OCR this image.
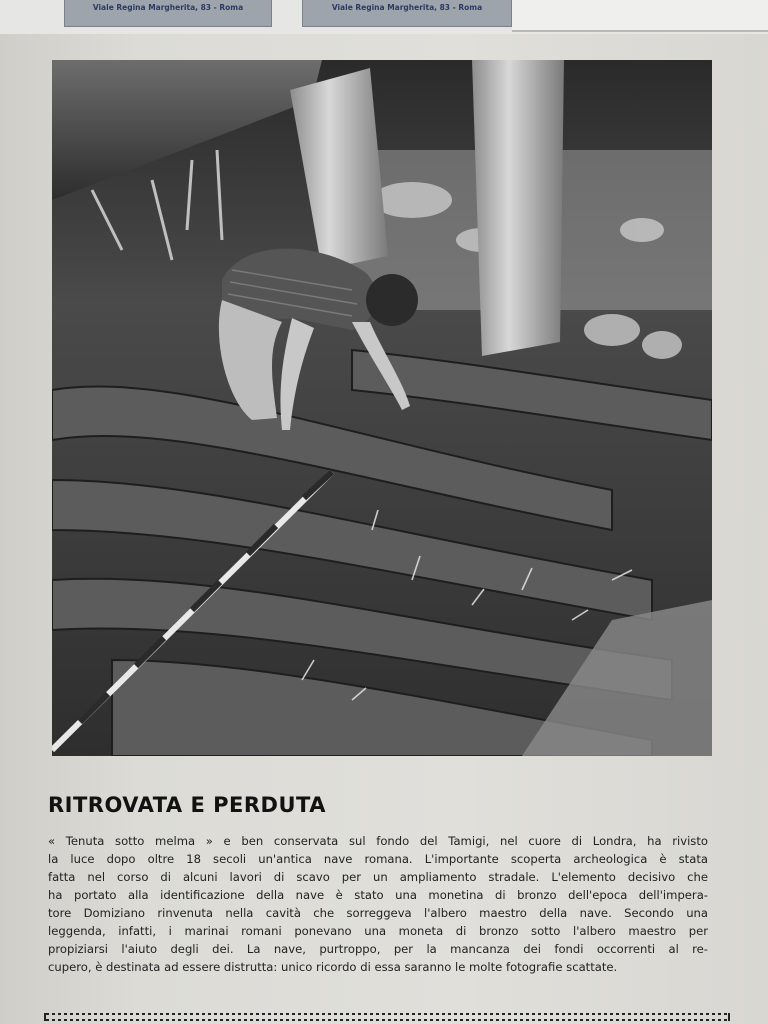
Viale Regina Margherita, 83 - Roma	Viale Regina Margherita, 83 - Roma
RITROVATA E PERDUTA
« Tenuta sotto melma » e ben conservata sul fondo del Tamigi, nel cuore di Londra, ha rivisto
la luce dopo oltre 18 secoli un'antica nave romana. L'importante scoperta archeologica è stata
fatta nel corso di alcuni lavori di scavo per un ampliamento stradale. L'elemento decisivo che
ha portato alla identificazione della nave è stato una monetina di bronzo dell'epoca dell'impera-
tore Domiziano rinvenuta nella cavità che sorreggeva l'albero maestro della nave. Secondo una
leggenda, infatti, i marinai romani ponevano una moneta di bronzo sotto l'albero maestro per
propiziarsi l'aiuto degli dei. La nave, purtroppo, per la mancanza dei fondi occorrenti al re-
cupero, è destinata ad essere distrutta: unico ricordo di essa saranno le molte fotografie scattate.
